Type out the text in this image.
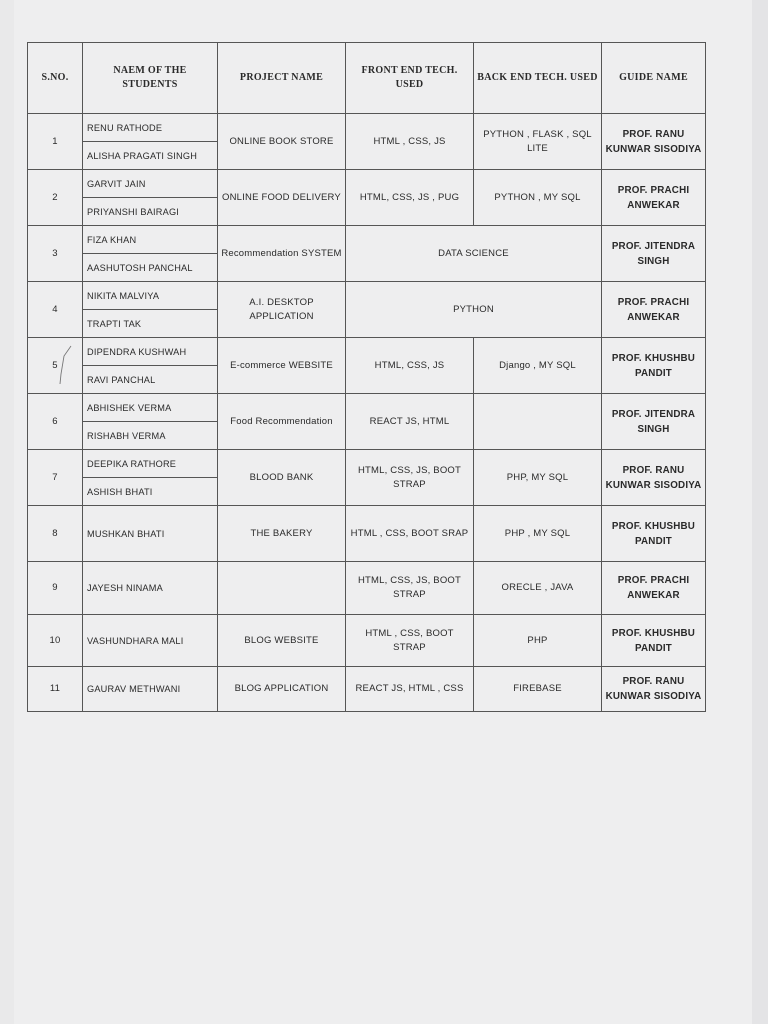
S.NO.	NAEM OF THE STUDENTS	PROJECT NAME	FRONT END TECH. USED	BACK END TECH. USED	GUIDE NAME
1	RENU RATHODE	ONLINE BOOK STORE	HTML , CSS, JS	PYTHON , FLASK , SQL LITE	PROF. RANU KUNWAR SISODIYA
	ALISHA PRAGATI SINGH				
2	GARVIT JAIN	ONLINE FOOD DELIVERY	HTML, CSS, JS , PUG	PYTHON , MY SQL	PROF. PRACHI ANWEKAR
	PRIYANSHI BAIRAGI				
3	FIZA KHAN	Recommendation SYSTEM	DATA SCIENCE		PROF. JITENDRA SINGH
	AASHUTOSH PANCHAL				
4	NIKITA MALVIYA	A.I. DESKTOP APPLICATION	PYTHON		PROF. PRACHI ANWEKAR
	TRAPTI TAK				
5	DIPENDRA KUSHWAH	E-commerce WEBSITE	HTML, CSS, JS	Django , MY SQL	PROF. KHUSHBU PANDIT
	RAVI PANCHAL				
6	ABHISHEK VERMA	Food Recommendation	REACT JS, HTML		PROF. JITENDRA SINGH
	RISHABH VERMA				
7	DEEPIKA RATHORE	BLOOD BANK	HTML, CSS, JS, BOOT STRAP	PHP, MY SQL	PROF. RANU KUNWAR SISODIYA
	ASHISH BHATI				
8	MUSHKAN BHATI	THE BAKERY	HTML , CSS, BOOT SRAP	PHP , MY SQL	PROF. KHUSHBU PANDIT
9	JAYESH NINAMA		HTML, CSS, JS, BOOT STRAP	ORECLE , JAVA	PROF. PRACHI ANWEKAR
10	VASHUNDHARA MALI	BLOG WEBSITE	HTML , CSS, BOOT STRAP	PHP	PROF. KHUSHBU PANDIT
11	GAURAV METHWANI	BLOG APPLICATION	REACT JS, HTML , CSS	FIREBASE	PROF. RANU KUNWAR SISODIYA
